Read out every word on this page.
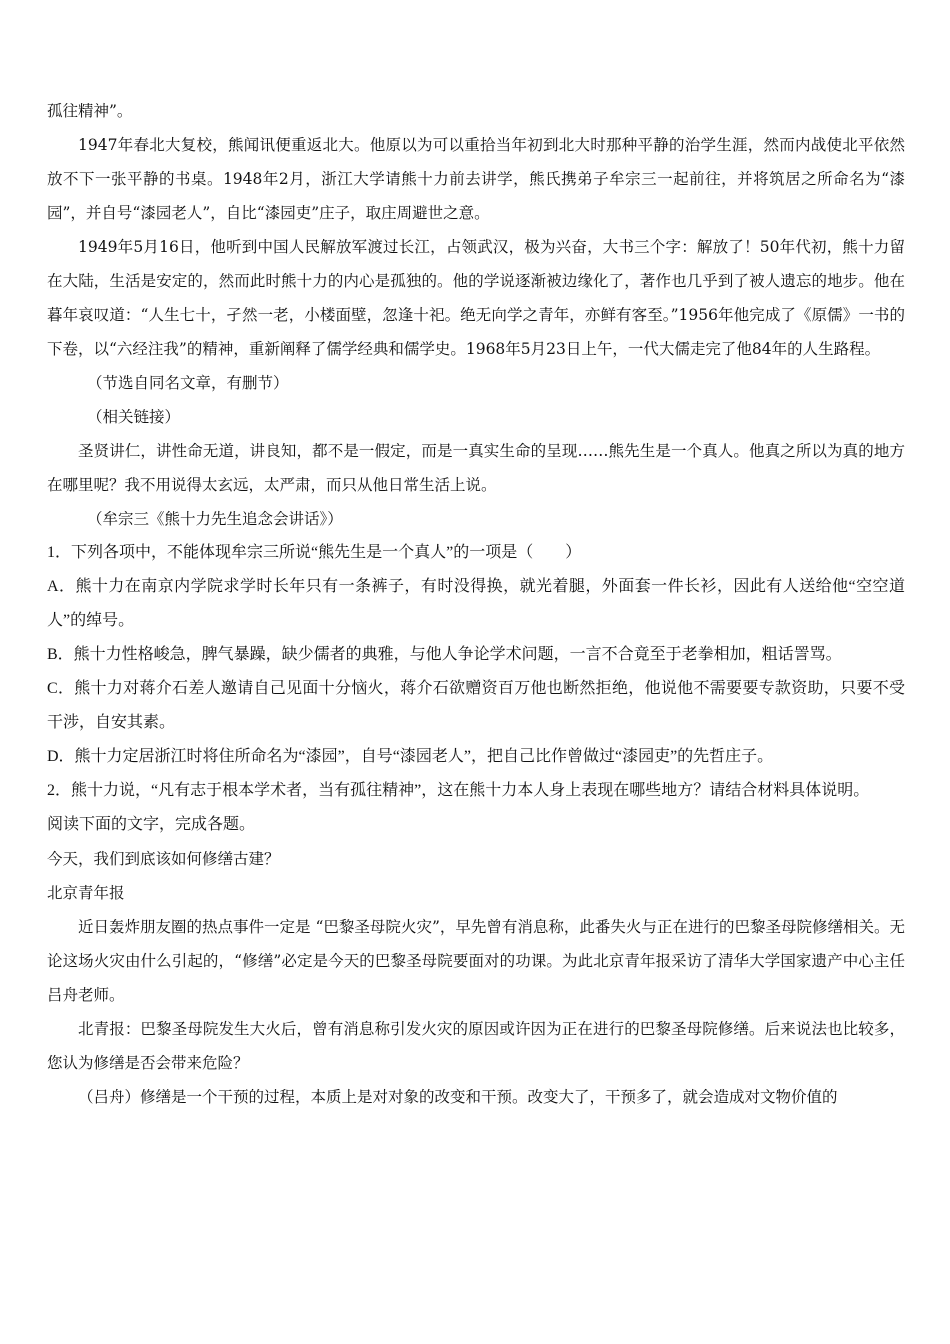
孤往精神”。

1947年春北大复校，熊闻讯便重返北大。他原以为可以重拾当年初到北大时那种平静的治学生涯，然而内战使北平依然放不下一张平静的书桌。1948年2月，浙江大学请熊十力前去讲学，熊氏携弟子牟宗三一起前往，并将筑居之所命名为“漆园”，并自号“漆园老人”，自比“漆园吏”庄子，取庄周避世之意。

1949年5月16日，他听到中国人民解放军渡过长江，占领武汉，极为兴奋，大书三个字：解放了！50年代初，熊十力留在大陆，生活是安定的，然而此时熊十力的内心是孤独的。他的学说逐渐被边缘化了，著作也几乎到了被人遗忘的地步。他在暮年哀叹道：“人生七十，孑然一老，小楼面壁，忽逢十祀。绝无向学之青年，亦鲜有客至。”1956年他完成了《原儒》一书的下卷，以“六经注我”的精神，重新阐释了儒学经典和儒学史。1968年5月23日上午，一代大儒走完了他84年的人生路程。

（节选自同名文章，有删节）

（相关链接）

圣贤讲仁，讲性命无道，讲良知，都不是一假定，而是一真实生命的呈现……熊先生是一个真人。他真之所以为真的地方在哪里呢？我不用说得太玄远，太严肃，而只从他日常生活上说。

（牟宗三《熊十力先生追念会讲话》）

1．下列各项中，不能体现牟宗三所说“熊先生是一个真人”的一项是（　　）

A．熊十力在南京内学院求学时长年只有一条裤子，有时没得换，就光着腿，外面套一件长衫，因此有人送给他“空空道人”的绰号。

B．熊十力性格峻急，脾气暴躁，缺少儒者的典雅，与他人争论学术问题，一言不合竟至于老拳相加，粗话詈骂。

C．熊十力对蒋介石差人邀请自己见面十分恼火，蒋介石欲赠资百万他也断然拒绝，他说他不需要要专款资助，只要不受干涉，自安其素。

D．熊十力定居浙江时将住所命名为“漆园”，自号“漆园老人”，把自己比作曾做过“漆园吏”的先哲庄子。

2．熊十力说，“凡有志于根本学术者，当有孤往精神”，这在熊十力本人身上表现在哪些地方？请结合材料具体说明。

阅读下面的文字，完成各题。

今天，我们到底该如何修缮古建？

北京青年报

近日轰炸朋友圈的热点事件一定是 “巴黎圣母院火灾”，早先曾有消息称，此番失火与正在进行的巴黎圣母院修缮相关。无论这场火灾由什么引起的，“修缮”必定是今天的巴黎圣母院要面对的功课。为此北京青年报采访了清华大学国家遗产中心主任吕舟老师。

北青报：巴黎圣母院发生大火后，曾有消息称引发火灾的原因或许因为正在进行的巴黎圣母院修缮。后来说法也比较多，您认为修缮是否会带来危险？

（吕舟）修缮是一个干预的过程，本质上是对对象的改变和干预。改变大了，干预多了，就会造成对文物价值的
